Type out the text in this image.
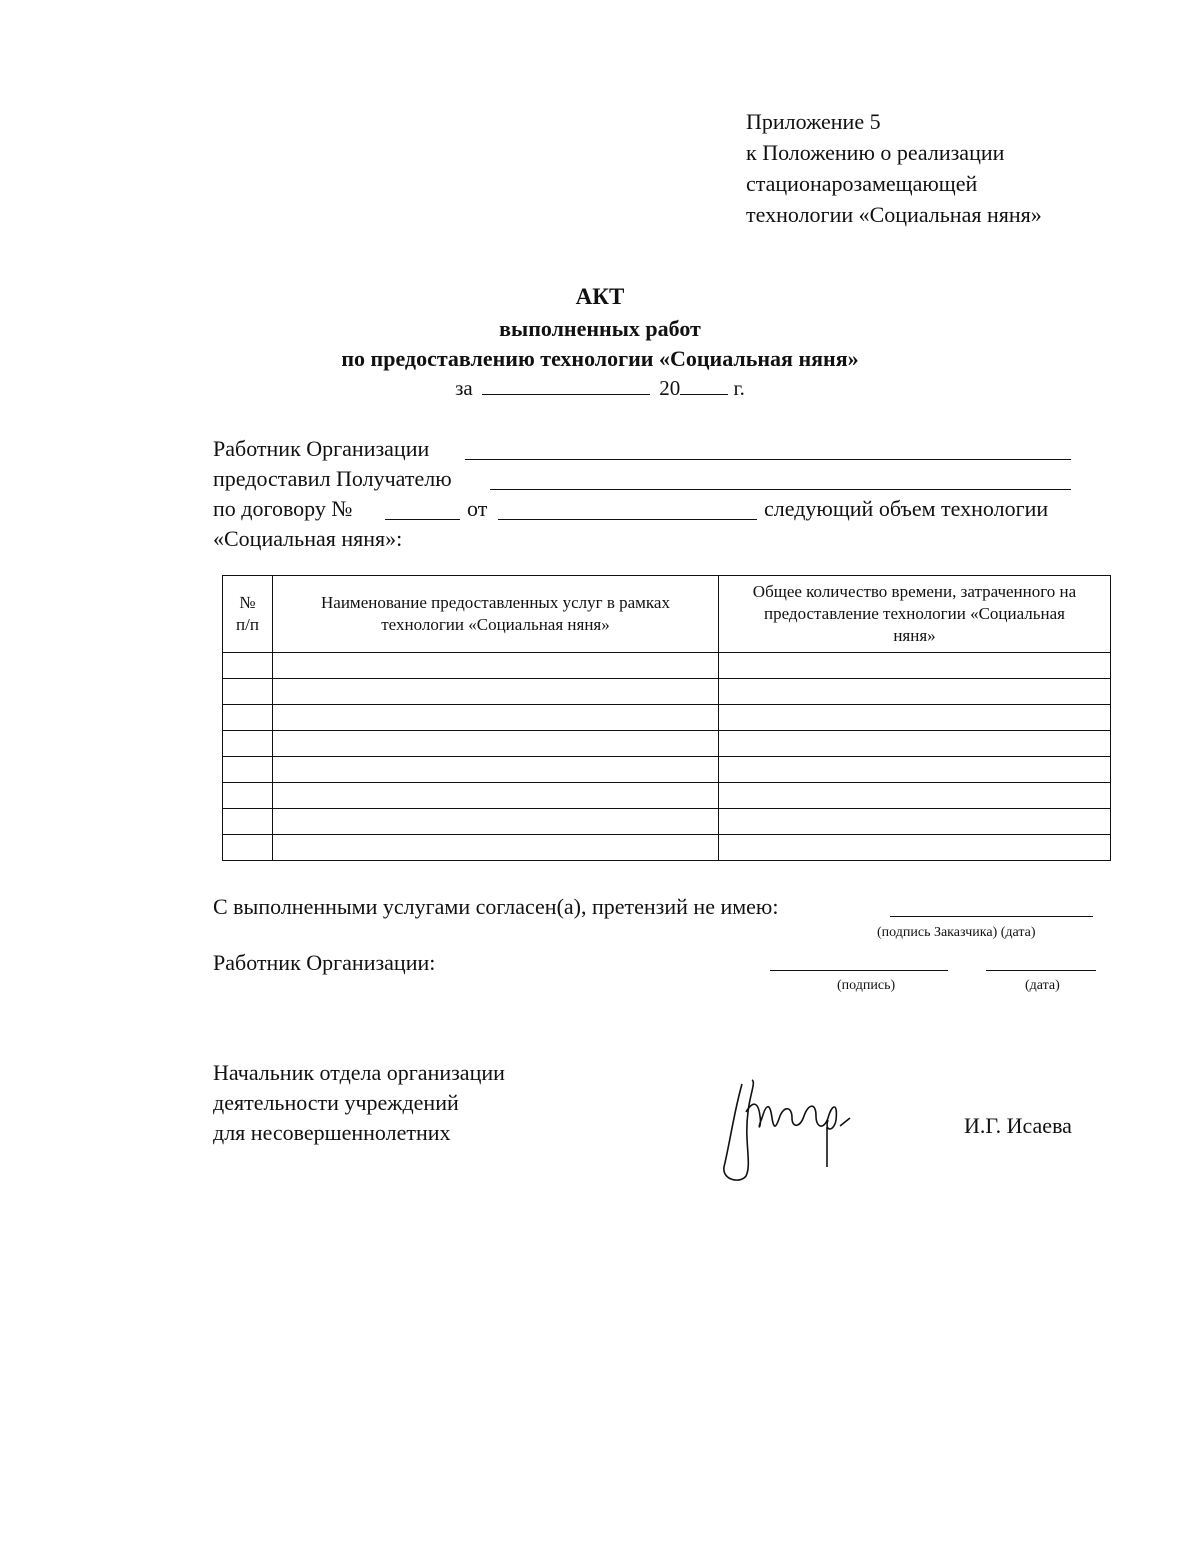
Приложение 5
к Положению о реализации
стационарозамещающей
технологии «Социальная няня»
АКТ
выполненных работ
по предоставлению технологии «Социальная няня»
за	20	г.
Работник Организации
предоставил Получателю
по договору №	от	следующий объем технологии
«Социальная няня»:
№ п/п	Наименование предоставленных услуг в рамках технологии «Социальная няня»	Общее количество времени, затраченного на предоставление технологии «Социальная няня»

С выполненными услугами согласен(а), претензий не имею:
(подпись Заказчика) (дата)
Работник Организации:
(подпись)	(дата)
Начальник отдела организации
деятельности учреждений
для несовершеннолетних	И.Г. Исаева
